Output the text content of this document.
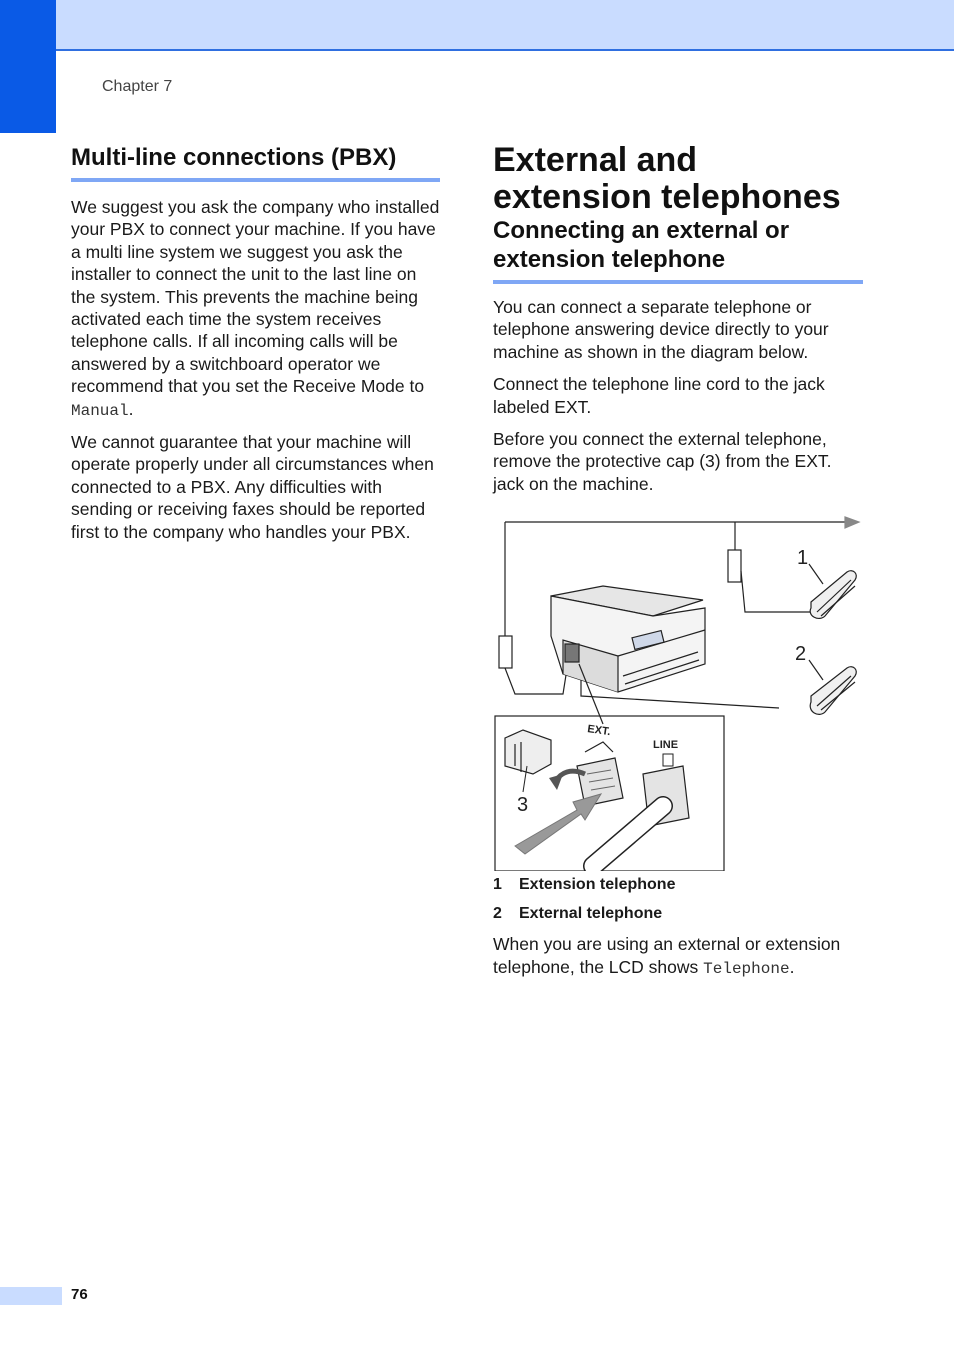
Chapter 7
Multi-line connections (PBX)

We suggest you ask the company who installed your PBX to connect your machine. If you have a multi line system we suggest you ask the installer to connect the unit to the last line on the system. This prevents the machine being activated each time the system receives telephone calls. If all incoming calls will be answered by a switchboard operator we recommend that you set the Receive Mode to Manual.

We cannot guarantee that your machine will operate properly under all circumstances when connected to a PBX. Any difficulties with sending or receiving faxes should be reported first to the company who handles your PBX.

External and extension telephones
Connecting an external or extension telephone

You can connect a separate telephone or telephone answering device directly to your machine as shown in the diagram below.

Connect the telephone line cord to the jack labeled EXT.

Before you connect the external telephone, remove the protective cap (3) from the EXT. jack on the machine.

1
2
3
EXT.
LINE
1	Extension telephone
2	External telephone

When you are using an external or extension telephone, the LCD shows Telephone.

76
